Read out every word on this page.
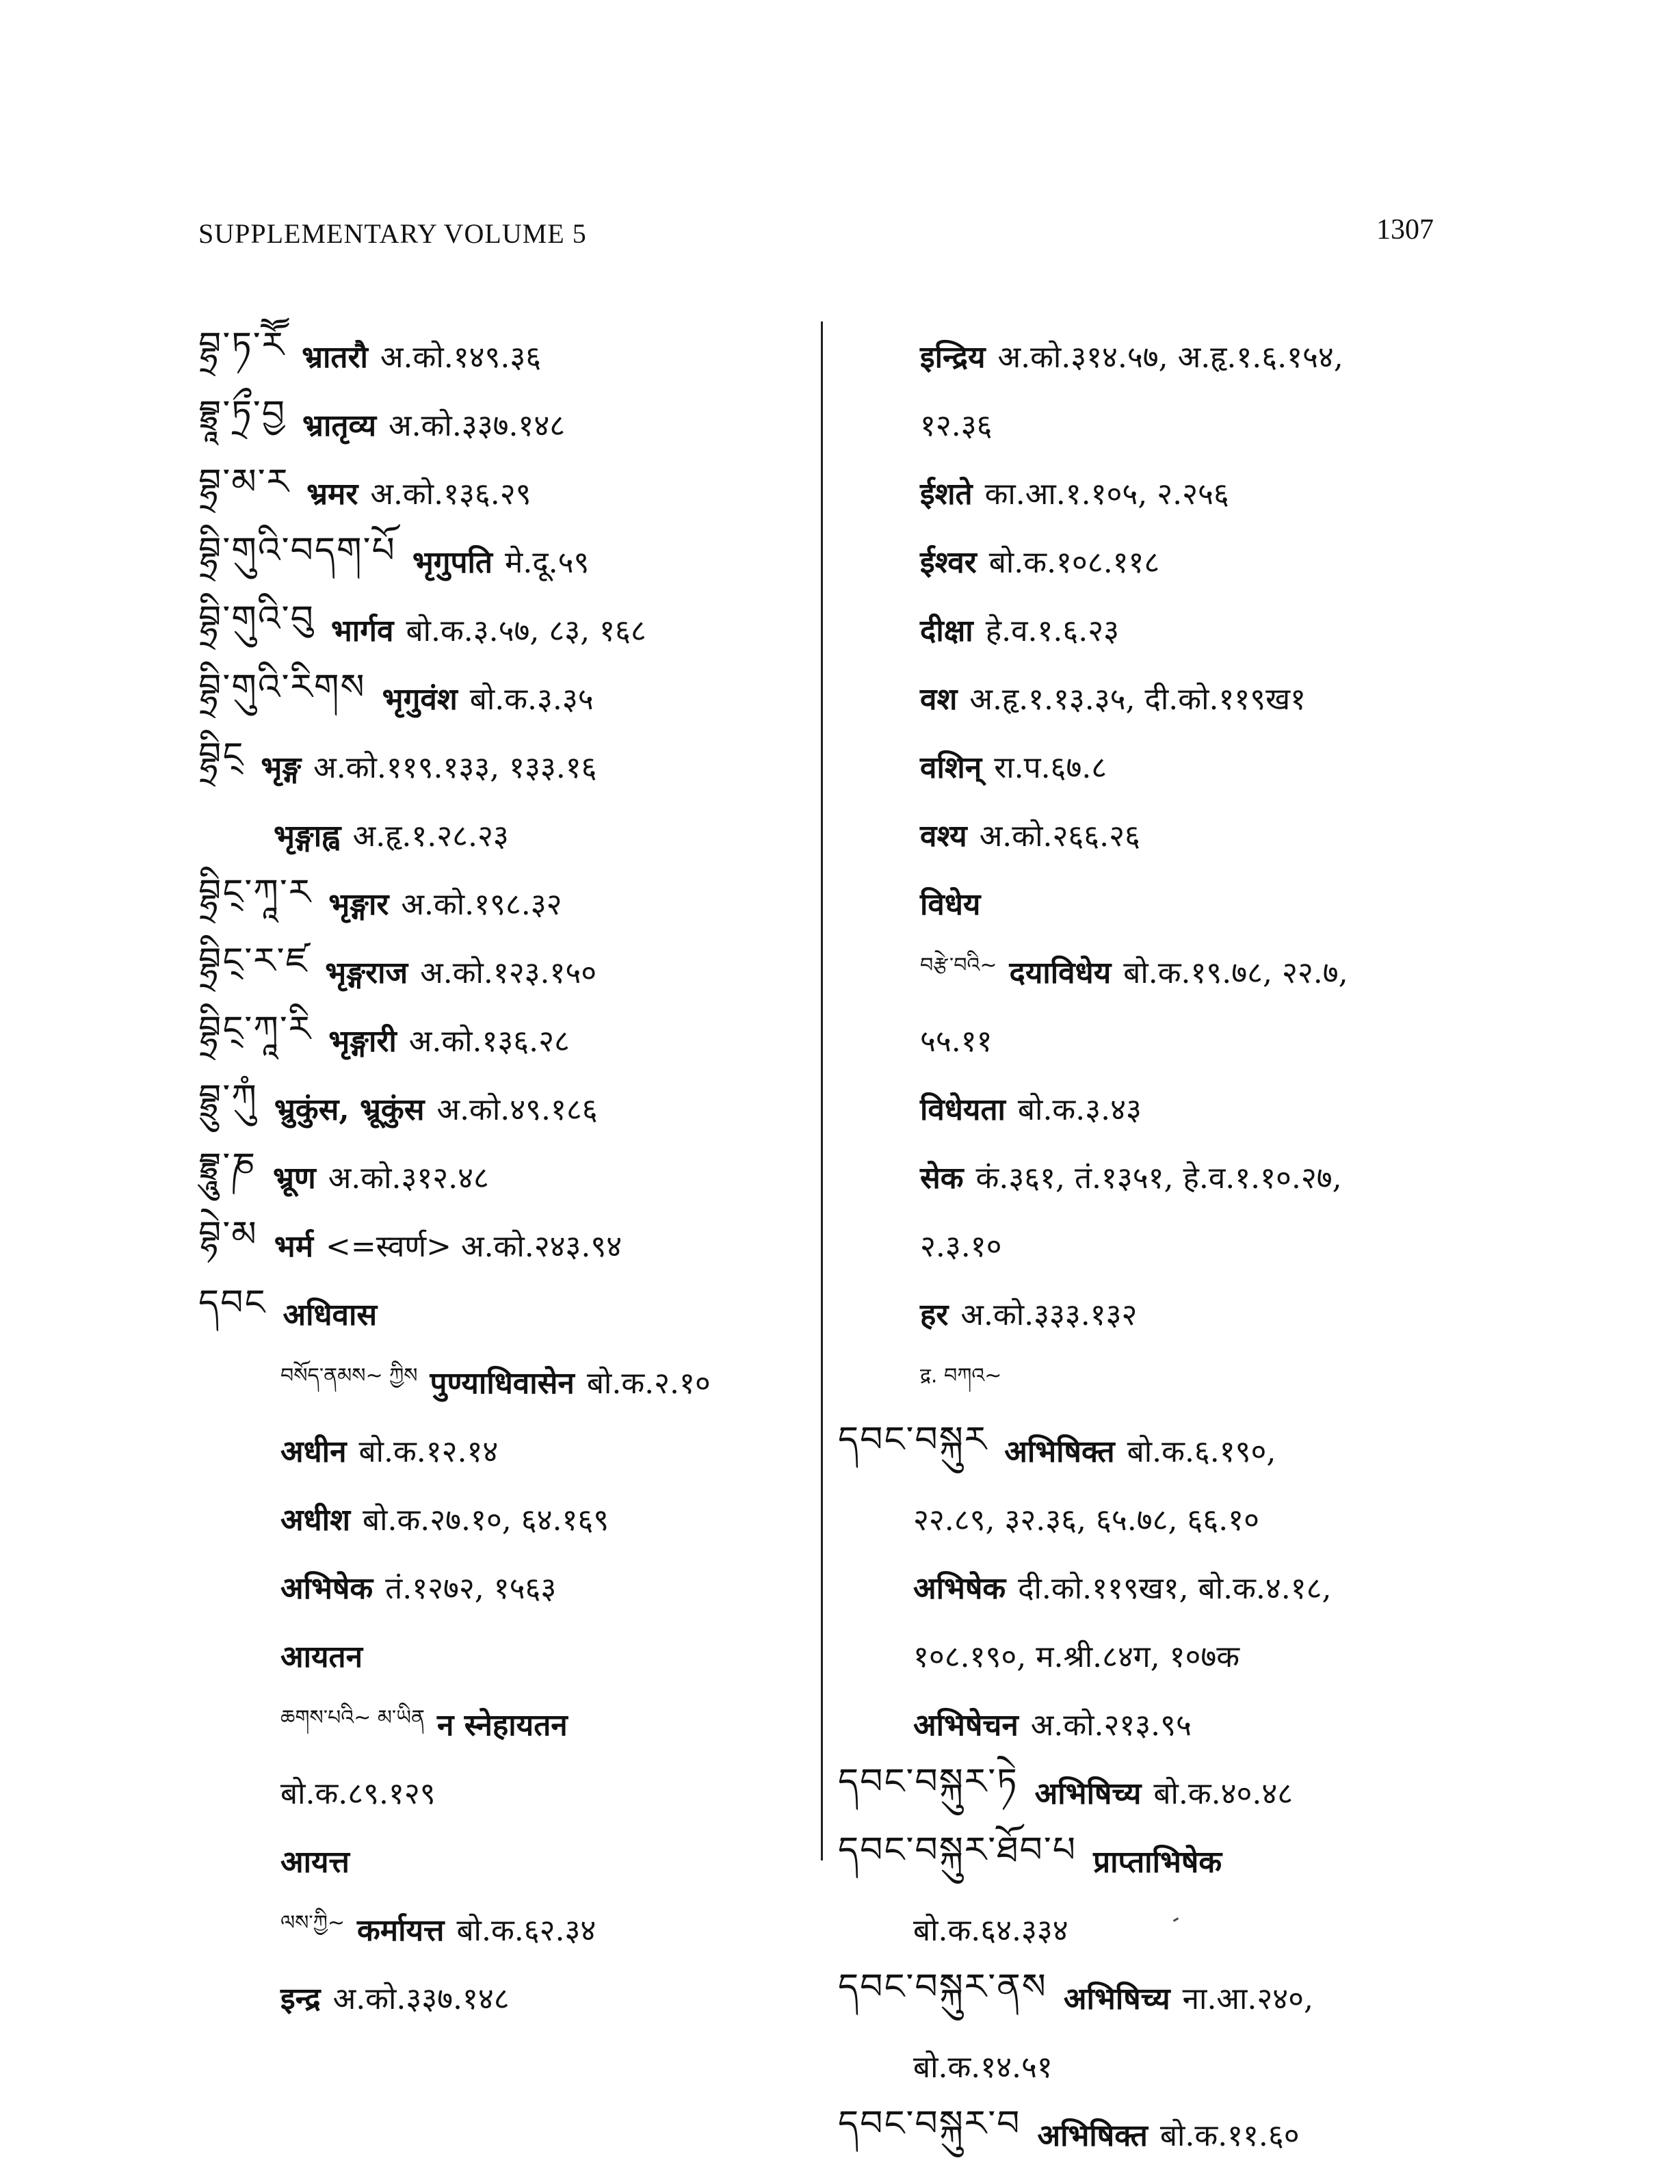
SUPPLEMENTARY VOLUME 5	1307
བྷྲ་ཏ་རཽ भ्रातरौ अ.को.१४९.३६
བྷྲཱ་ཏྲྀ་བྱ भ्रातृव्य अ.को.३३७.१४८
བྷྲ་མ་ར भ्रमर अ.को.१३६.२९
བྷྲི་གུའི་བདག་པོ भृगुपति मे.दू.५९
བྷྲི་གུའི་བུ भार्गव बो.क.३.५७, ८३, १६८
བྷྲི་གུའི་རིགས भृगुवंश बो.क.३.३५
བྷྲིང྄ भृङ्ग अ.को.११९.१३३, १३३.१६
भृङ्गाह्व अ.हृ.१.२८.२३
བྷྲིང྄་ཀཱ་ར भृङ्गार अ.को.१९८.३२
བྷྲིང྄་ར་ཛ भृङ्गराज अ.को.१२३.१५०
བྷྲིང྄་ཀཱ་རི भृङ्गारी अ.को.१३६.२८
བྷྲུ་ཀུཾ भ्रुकुंस, भ्रूकुंस अ.को.४९.१८६
བྷྲཱུ་ཎ भ्रूण अ.को.३१२.४८
བྷེ་མ भर्म <=स्वर्ण> अ.को.२४३.९४
དབང अधिवास
བསོད་ནམས~ ཀྱིས पुण्याधिवासेन बो.क.२.१०
अधीन बो.क.१२.१४
अधीश बो.क.२७.१०, ६४.१६९
अभिषेक तं.१२७२, १५६३
आयतन
ཆགས་པའི~ མ་ཡིན न स्नेहायतन
बो.क.८९.१२९
आयत्त
ལས་ཀྱི~ कर्मायत्त बो.क.६२.३४
इन्द्र अ.को.३३७.१४८
इन्द्रिय अ.को.३१४.५७, अ.हृ.१.६.१५४,
१२.३६
ईशते का.आ.१.१०५, २.२५६
ईश्वर बो.क.१०८.११८
दीक्षा हे.व.१.६.२३
वश अ.हृ.१.१३.३५, दी.को.११९ख१
वशिन् रा.प.६७.८
वश्य अ.को.२६६.२६
विधेय
བརྩེ་བའི~ दयाविधेय बो.क.१९.७८, २२.७,
५५.११
विधेयता बो.क.३.४३
सेक कं.३६१, तं.१३५१, हे.व.१.१०.२७,
२.३.१०
हर अ.को.३३३.१३२
द्र. བཀའ~
དབང་བསྐུར अभिषिक्त बो.क.६.१९०,
२२.८९, ३२.३६, ६५.७८, ६६.१०
अभिषेक दी.को.११९ख१, बो.क.४.१८,
१०८.१९०, म.श्री.८४ग, १०७क
अभिषेचन अ.को.२१३.९५
དབང་བསྐུར་ཏེ अभिषिच्य बो.क.४०.४८
དབང་བསྐུར་ཐོབ་པ प्राप्ताभिषेक
बो.क.६४.३३४
དབང་བསྐུར་ནས अभिषिच्य ना.आ.२४०,
बो.क.१४.५१
དབང་བསྐུར་བ अभिषिक्त बो.क.११.६०
